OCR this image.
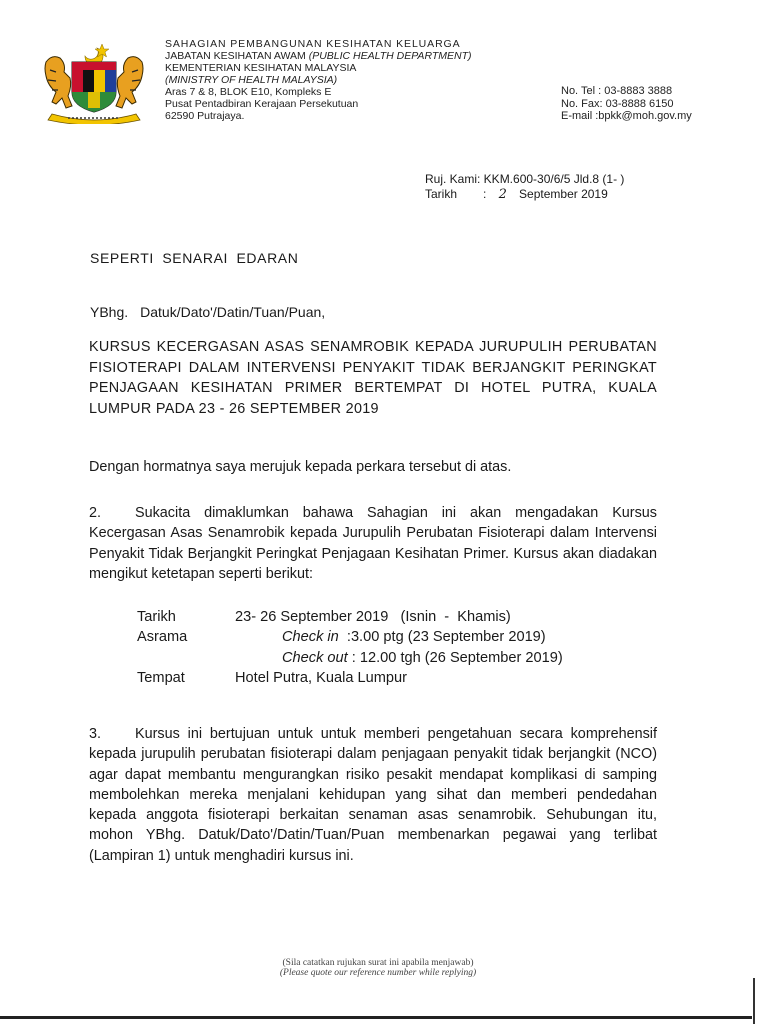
SAHAGIAN PEMBANGUNAN KESIHATAN KELUARGA
JABATAN KESIHATAN AWAM (PUBLIC HEALTH DEPARTMENT)
KEMENTERIAN KESIHATAN MALAYSIA
(MINISTRY OF HEALTH MALAYSIA)
Aras 7 & 8, BLOK E10, Kompleks E
Pusat Pentadbiran Kerajaan Persekutuan
62590 Putrajaya.
No. Tel : 03-8883 3888
No. Fax: 03-8888 6150
E-mail :bpkk@moh.gov.my
Ruj. Kami: KKM.600-30/6/5 Jld.8 (1- )
Tarikh : 2 September 2019
SEPERTI SENARAI EDARAN
YBhg. Datuk/Dato'/Datin/Tuan/Puan,
KURSUS KECERGASAN ASAS SENAMROBIK KEPADA JURUPULIH PERUBATAN FISIOTERAPI DALAM INTERVENSI PENYAKIT TIDAK BERJANGKIT PERINGKAT PENJAGAAN KESIHATAN PRIMER BERTEMPAT DI HOTEL PUTRA, KUALA LUMPUR PADA 23 - 26 SEPTEMBER 2019
Dengan hormatnya saya merujuk kepada perkara tersebut di atas.
2. Sukacita dimaklumkan bahawa Sahagian ini akan mengadakan Kursus Kecergasan Asas Senamrobik kepada Jurupulih Perubatan Fisioterapi dalam Intervensi Penyakit Tidak Berjangkit Peringkat Penjagaan Kesihatan Primer. Kursus akan diadakan mengikut ketetapan seperti berikut:
Tarikh	23- 26 September 2019   (Isnin  -  Khamis)
Asrama	Check in  :3.00 ptg (23 September 2019)
Check out : 12.00 tgh (26 September 2019)
Tempat	Hotel Putra, Kuala Lumpur
3. Kursus ini bertujuan untuk untuk memberi pengetahuan secara komprehensif kepada jurupulih perubatan fisioterapi dalam penjagaan penyakit tidak berjangkit (NCO) agar dapat membantu mengurangkan risiko pesakit mendapat komplikasi di samping membolehkan mereka menjalani kehidupan yang sihat dan memberi pendedahan kepada anggota fisioterapi berkaitan senaman asas senamrobik. Sehubungan itu, mohon YBhg. Datuk/Dato'/Datin/Tuan/Puan membenarkan pegawai yang terlibat (Lampiran 1) untuk menghadiri kursus ini.
(Sila catatkan rujukan surat ini apabila menjawab)
(Please quote our reference number while replying)
